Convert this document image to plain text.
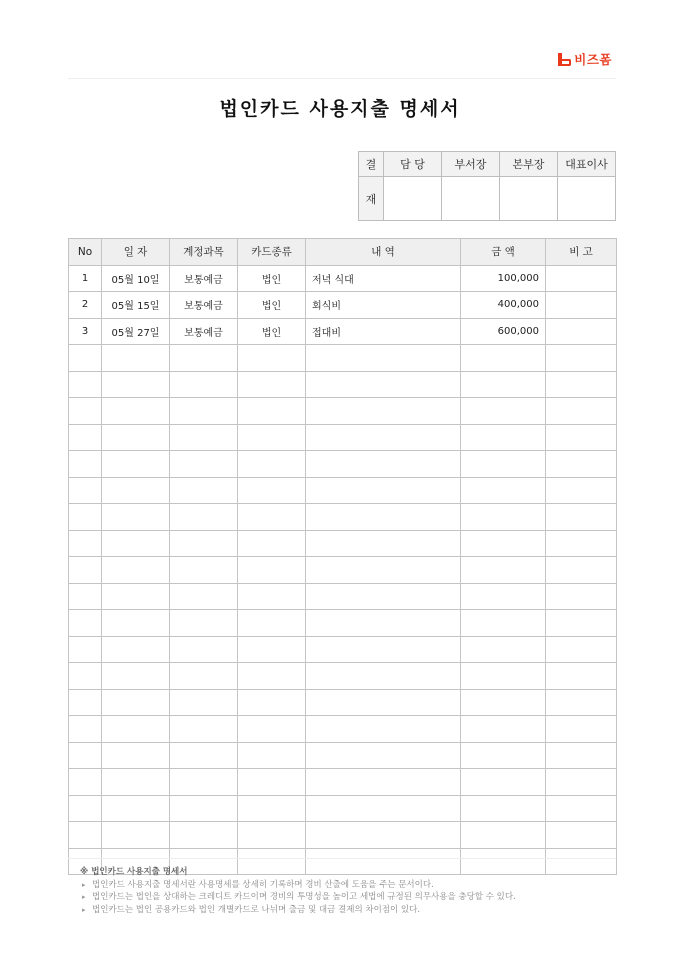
비즈폼
법인카드 사용지출 명세서
결	담 당	부서장	본부장	대표이사
재				
No	일 자	계정과목	카드종류	내 역	금 액	비 고
1	05월 10일	보통예금	법인	저녁 식대	100,000	
2	05월 15일	보통예금	법인	회식비	400,000	
3	05월 27일	보통예금	법인	접대비	600,000	

※ 법인카드 사용지출 명세서
▸ 법인카드 사용지출 명세서란 사용명세를 상세히 기록하며 경비 산출에 도움을 주는 문서이다.
▸ 법인카드는 법인을 상대하는 크레디트 카드이며 경비의 투명성을 높이고 세법에 규정된 의무사용을 충당할 수 있다.
▸ 법인카드는 법인 공용카드와 법인 개별카드로 나뉘며 출금 및 대금 결제의 차이점이 있다.
